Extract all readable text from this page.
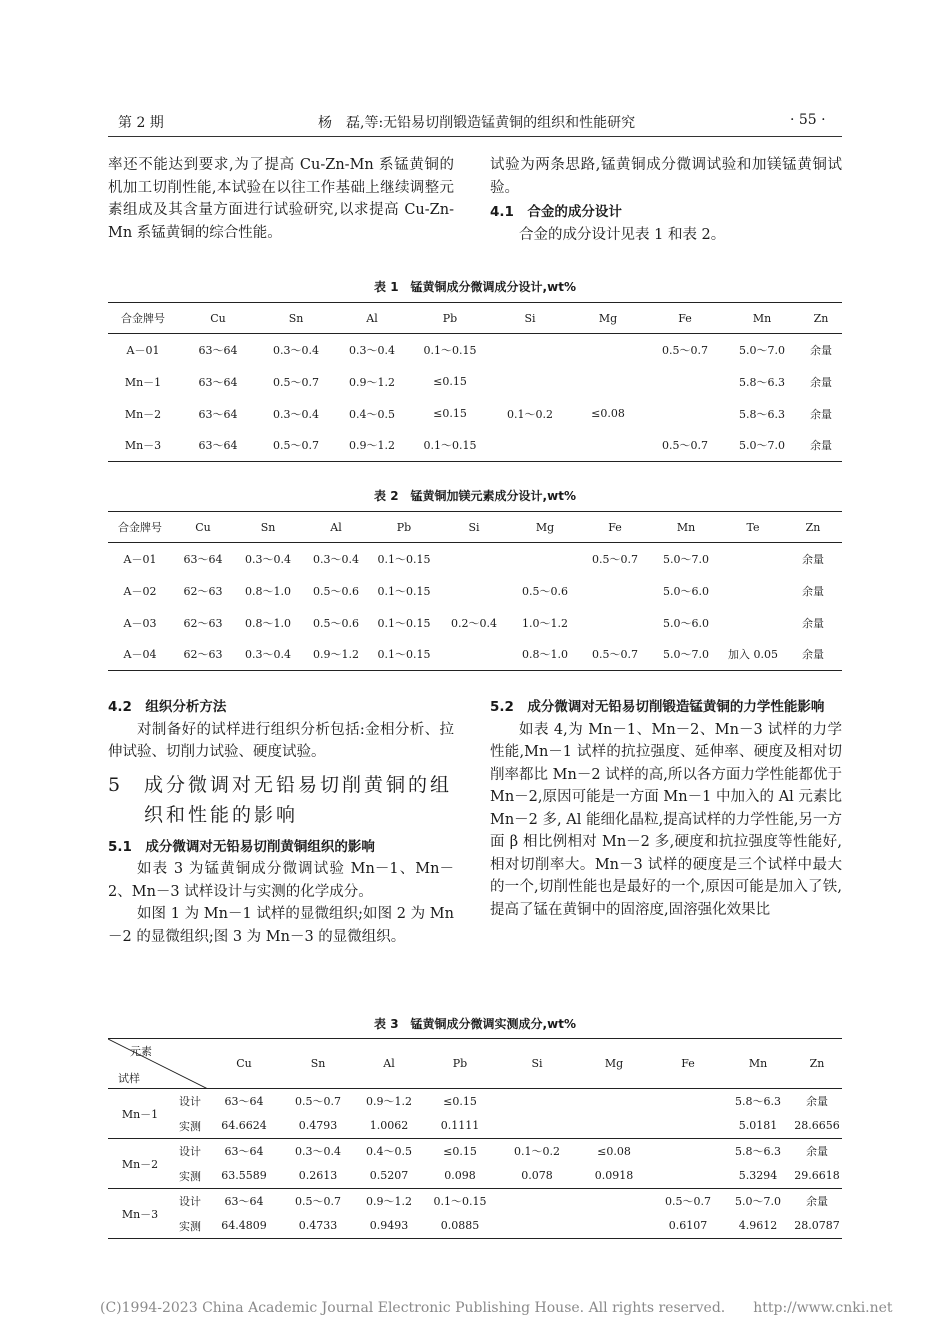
第 2 期	杨　磊,等:无铅易切削锻造锰黄铜的组织和性能研究	· 55 ·

率还不能达到要求,为了提高 Cu-Zn-Mn 系锰黄铜的机加工切削性能,本试验在以往工作基础上继续调整元素组成及其含量方面进行试验研究,以求提高 Cu-Zn-Mn 系锰黄铜的综合性能。

试验为两条思路,锰黄铜成分微调试验和加镁锰黄铜试验。

4.1　合金的成分设计

合金的成分设计见表 1 和表 2。

表 1　锰黄铜成分微调成分设计,wt%
合金牌号	Cu	Sn	Al	Pb	Si	Mg	Fe	Mn	Zn
A－01	63～64	0.3～0.4	0.3～0.4	0.1～0.15			0.5～0.7	5.0～7.0	余量
Mn－1	63～64	0.5～0.7	0.9～1.2	≤0.15				5.8～6.3	余量
Mn－2	63～64	0.3～0.4	0.4～0.5	≤0.15	0.1～0.2	≤0.08		5.8～6.3	余量
Mn－3	63～64	0.5～0.7	0.9～1.2	0.1～0.15			0.5～0.7	5.0～7.0	余量
表 2　锰黄铜加镁元素成分设计,wt%
合金牌号	Cu	Sn	Al	Pb	Si	Mg	Fe	Mn	Te	Zn
A－01	63～64	0.3～0.4	0.3～0.4	0.1～0.15			0.5～0.7	5.0～7.0		余量
A－02	62～63	0.8～1.0	0.5～0.6	0.1～0.15		0.5～0.6		5.0～6.0		余量
A－03	62～63	0.8～1.0	0.5～0.6	0.1～0.15	0.2～0.4	1.0～1.2		5.0～6.0		余量
A－04	62～63	0.3～0.4	0.9～1.2	0.1～0.15		0.8～1.0	0.5～0.7	5.0～7.0	加入 0.05	余量

4.2　组织分析方法

对制备好的试样进行组织分析包括:金相分析、拉伸试验、切削力试验、硬度试验。

5	成分微调对无铅易切削黄铜的组织和性能的影响

5.1　成分微调对无铅易切削黄铜组织的影响

如表 3 为锰黄铜成分微调试验 Mn－1、Mn－2、Mn－3 试样设计与实测的化学成分。

如图 1 为 Mn－1 试样的显微组织;如图 2 为 Mn－2 的显微组织;图 3 为 Mn－3 的显微组织。

5.2　成分微调对无铅易切削锻造锰黄铜的力学性能影响

如表 4,为 Mn－1、Mn－2、Mn－3 试样的力学性能,Mn－1 试样的抗拉强度、延伸率、硬度及相对切削率都比 Mn－2 试样的高,所以各方面力学性能都优于 Mn－2,原因可能是一方面 Mn－1 中加入的 Al 元素比 Mn－2 多, Al 能细化晶粒,提高试样的力学性能,另一方面 β 相比例相对 Mn－2 多,硬度和抗拉强度等性能好,相对切削率大。Mn－3 试样的硬度是三个试样中最大的一个,切削性能也是最好的一个,原因可能是加入了铁,提高了锰在黄铜中的固溶度,固溶强化效果比

表 3　锰黄铜成分微调实测成分,wt%
元素
试样		Cu	Sn	Al	Pb	Si	Mg	Fe	Mn	Zn
Mn－1	设计	63～64	0.5～0.7	0.9～1.2	≤0.15				5.8～6.3	余量
	实测	64.6624	0.4793	1.0062	0.1111				5.0181	28.6656
Mn－2	设计	63～64	0.3～0.4	0.4～0.5	≤0.15	0.1～0.2	≤0.08		5.8～6.3	余量
	实测	63.5589	0.2613	0.5207	0.098	0.078	0.0918		5.3294	29.6618
Mn－3	设计	63～64	0.5～0.7	0.9～1.2	0.1～0.15			0.5～0.7	5.0～7.0	余量
	实测	64.4809	0.4733	0.9493	0.0885			0.6107	4.9612	28.0787
(C)1994-2023 China Academic Journal Electronic Publishing House. All rights reserved.　　http://www.cnki.net
